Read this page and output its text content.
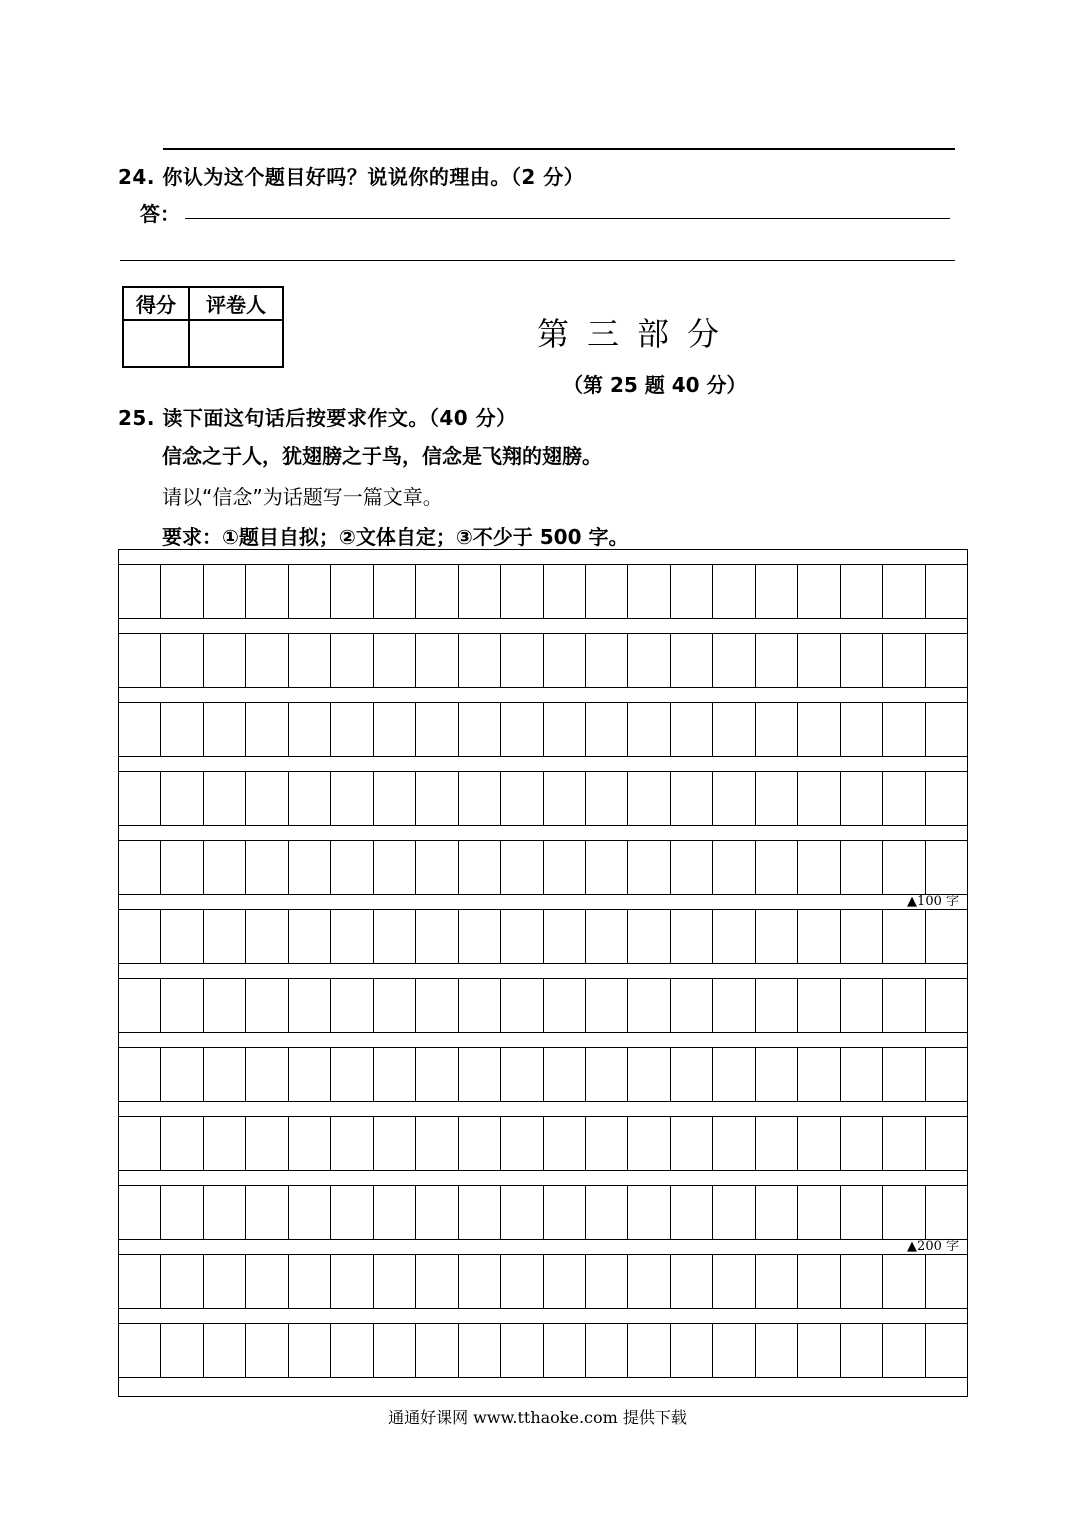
24. 你认为这个题目好吗？说说你的理由。（2 分）
答：
得分	评卷人

第三部分
（第 25 题 40 分）
25. 读下面这句话后按要求作文。（40 分）
信念之于人，犹翅膀之于鸟，信念是飞翔的翅膀。
请以“信念”为话题写一篇文章。
要求：①题目自拟；②文体自定；③不少于 500 字。
▲100 字
▲200 字
通通好课网 www.tthaoke.com 提供下载
